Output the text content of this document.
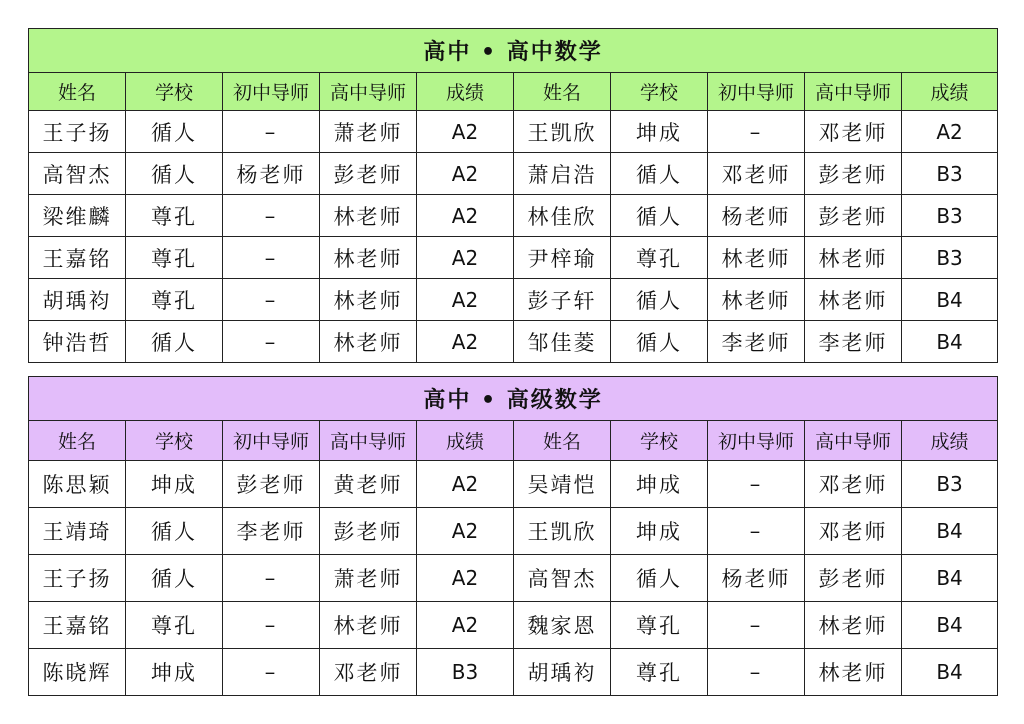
高中 • 高中数学									
姓名	学校	初中导师	高中导师	成绩	姓名	学校	初中导师	高中导师	成绩
王子扬	循人	–	萧老师	A2	王凯欣	坤成	–	邓老师	A2
高智杰	循人	杨老师	彭老师	A2	萧启浩	循人	邓老师	彭老师	B3
梁维麟	尊孔	–	林老师	A2	林佳欣	循人	杨老师	彭老师	B3
王嘉铭	尊孔	–	林老师	A2	尹梓瑜	尊孔	林老师	林老师	B3
胡瑀袀	尊孔	–	林老师	A2	彭子轩	循人	林老师	林老师	B4
钟浩哲	循人	–	林老师	A2	邹佳菱	循人	李老师	李老师	B4
高中 • 高级数学									
姓名	学校	初中导师	高中导师	成绩	姓名	学校	初中导师	高中导师	成绩
陈思颖	坤成	彭老师	黄老师	A2	吴靖恺	坤成	–	邓老师	B3
王靖琦	循人	李老师	彭老师	A2	王凯欣	坤成	–	邓老师	B4
王子扬	循人	–	萧老师	A2	高智杰	循人	杨老师	彭老师	B4
王嘉铭	尊孔	–	林老师	A2	魏家恩	尊孔	–	林老师	B4
陈晓辉	坤成	–	邓老师	B3	胡瑀袀	尊孔	–	林老师	B4
